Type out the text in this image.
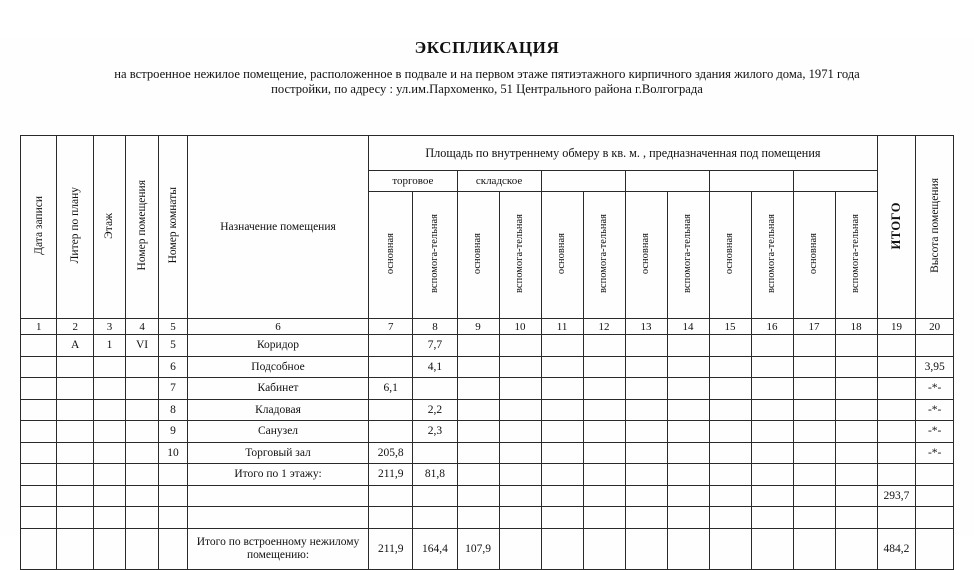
ЭКСПЛИКАЦИЯ
на встроенное нежилое помещение, расположенное в подвале и на первом этаже пятиэтажного кирпичного здания жилого дома, 1971 года
постройки, по адресу : ул.им.Пархоменко, 51 Центрального района г.Волгограда
Дата записи	Литер по плану	Этаж	Номер помещения	Номер комнаты	Назначение помещения	Площадь по внутреннему обмеру в кв. м. , предназначенная под помещения												ИТОГО	Высота помещения
						торговое		складское											
						основная	вспомога-тельная	основная	вспомога-тельная	основная	вспомога-тельная	основная	вспомога-тельная	основная	вспомога-тельная	основная	вспомога-тельная		
1	2	3	4	5	6	7	8	9	10	11	12	13	14	15	16	17	18	19	20
	А	1	VI	5	Коридор		7,7												
				6	Подсобное		4,1												3,95
				7	Кабинет	6,1													-*-
				8	Кладовая		2,2												-*-
				9	Санузел		2,3												-*-
				10	Торговый зал	205,8													-*-
					Итого по 1 этажу:	211,9	81,8												
																		293,7	

					Итого по встроенному нежилому помещению:	211,9	164,4	107,9										484,2	
